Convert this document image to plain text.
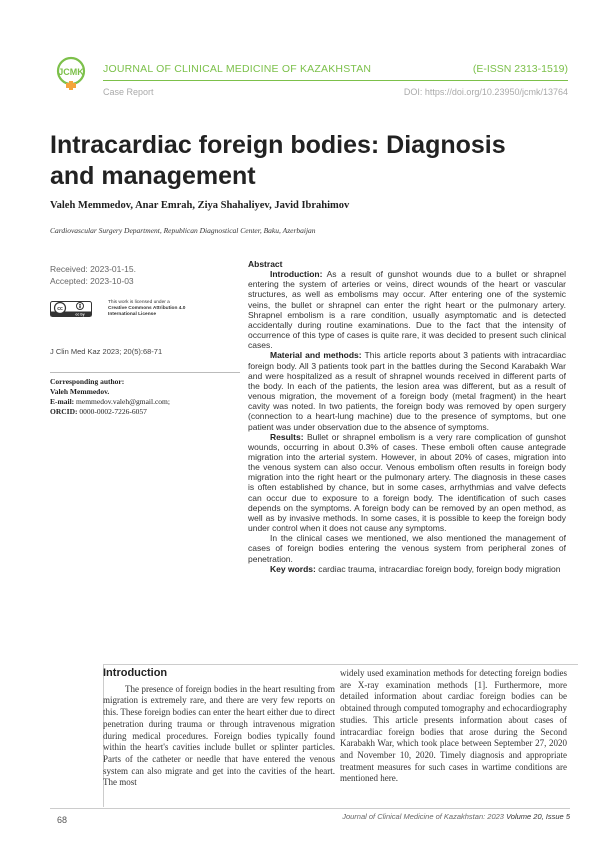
JCMK JOURNAL OF CLINICAL MEDICINE OF KAZAKHSTAN	(E-ISSN 2313-1519)
Case Report	DOI: https://doi.org/10.23950/jcmk/13764
Intracardiac foreign bodies: Diagnosis and management
Valeh Memmedov, Anar Emrah, Ziya Shahaliyev, Javid Ibrahimov
Cardiovascular Surgery Department, Republican Diagnostical Center, Baku, Azerbaijan
Received: 2023-01-15.
Accepted: 2023-10-03
cc
cc by
This work is licensed under a
Creative Commons Attribution 4.0
International License
J Clin Med Kaz 2023; 20(5):68-71
Corresponding author:
Valeh Memmedov.
E-mail: memmedov.valeh@gmail.com;
ORCID: 0000-0002-7226-6057

Abstract

Introduction: As a result of gunshot wounds due to a bullet or shrapnel entering the system of arteries or veins, direct wounds of the heart or vascular structures, as well as embolisms may occur. After entering one of the systemic veins, the bullet or shrapnel can enter the right heart or the pulmonary artery. Shrapnel embolism is a rare condition, usually asymptomatic and is detected accidentally during routine examinations. Due to the fact that the intensity of occurrence of this type of cases is quite rare, it was decided to present such clinical cases.

Material and methods: This article reports about 3 patients with intracardiac foreign body. All 3 patients took part in the battles during the Second Karabakh War and were hospitalized as a result of shrapnel wounds received in different parts of the body. In each of the patients, the lesion area was different, but as a result of venous migration, the movement of a foreign body (metal fragment) in the heart cavity was noted. In two patients, the foreign body was removed by open surgery (connection to a heart-lung machine) due to the presence of symptoms, but one patient was under observation due to the absence of symptoms.

Results: Bullet or shrapnel embolism is a very rare complication of gunshot wounds, occurring in about 0.3% of cases. These emboli often cause antegrade migration into the arterial system. However, in about 20% of cases, migration into the venous system can also occur. Venous embolism often results in foreign body migration into the right heart or the pulmonary artery. The diagnosis in these cases is often established by chance, but in some cases, arrhythmias and valve defects can occur due to exposure to a foreign body. The identification of such cases depends on the symptoms. A foreign body can be removed by an open method, as well as by invasive methods. In some cases, it is possible to keep the foreign body under control when it does not cause any symptoms.

In the clinical cases we mentioned, we also mentioned the management of cases of foreign bodies entering the venous system from peripheral zones of penetration.

Key words: cardiac trauma, intracardiac foreign body, foreign body migration

Introduction

The presence of foreign bodies in the heart resulting from migration is extremely rare, and there are very few reports on this. These foreign bodies can enter the heart either due to direct penetration during trauma or through intravenous migration during medical procedures. Foreign bodies typically found within the heart's cavities include bullet or splinter particles. Parts of the catheter or needle that have entered the venous system can also migrate and get into the cavities of the heart. The most

widely used examination methods for detecting foreign bodies are X-ray examination methods [1]. Furthermore, more detailed information about cardiac foreign bodies can be obtained through computed tomography and echocardiography studies. This article presents information about cases of intracardiac foreign bodies that arose during the Second Karabakh War, which took place between September 27, 2020 and November 10, 2020. Timely diagnosis and appropriate treatment measures for such cases in wartime conditions are mentioned here.

68	Journal of Clinical Medicine of Kazakhstan: 2023 Volume 20, Issue 5
